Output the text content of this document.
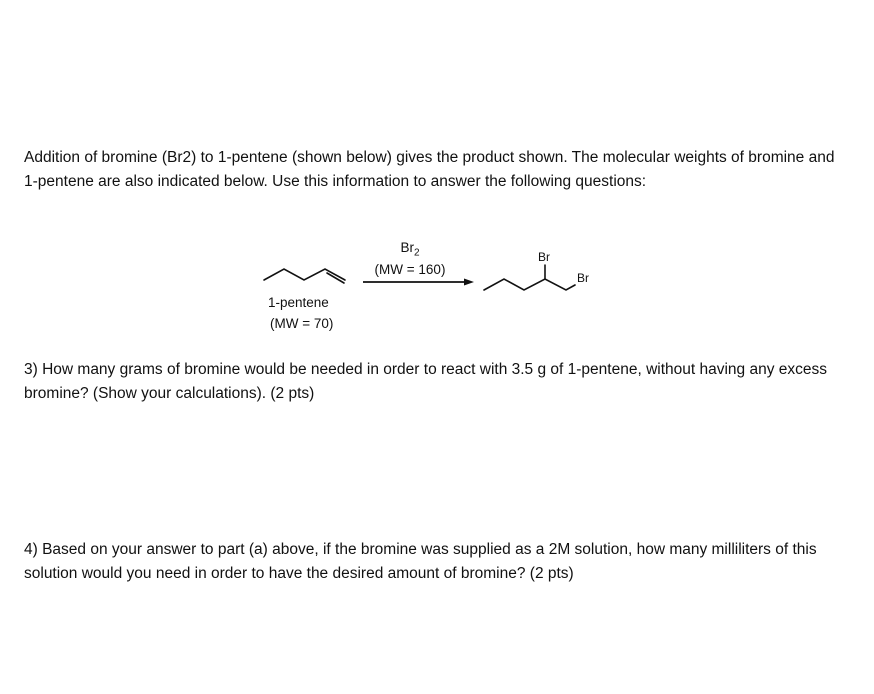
Addition of bromine (Br2) to 1-pentene (shown below) gives the product shown. The molecular weights of bromine and 1-pentene are also indicated below. Use this information to answer the following questions:

$Br_2$
(MW = 160)
1-pentene
(MW = 70)
Br
Br

3) How many grams of bromine would be needed in order to react with 3.5 g of 1-pentene, without having any excess bromine? (Show your calculations). (2 pts)

4) Based on your answer to part (a) above, if the bromine was supplied as a 2M solution, how many milliliters of this solution would you need in order to have the desired amount of bromine? (2 pts)
